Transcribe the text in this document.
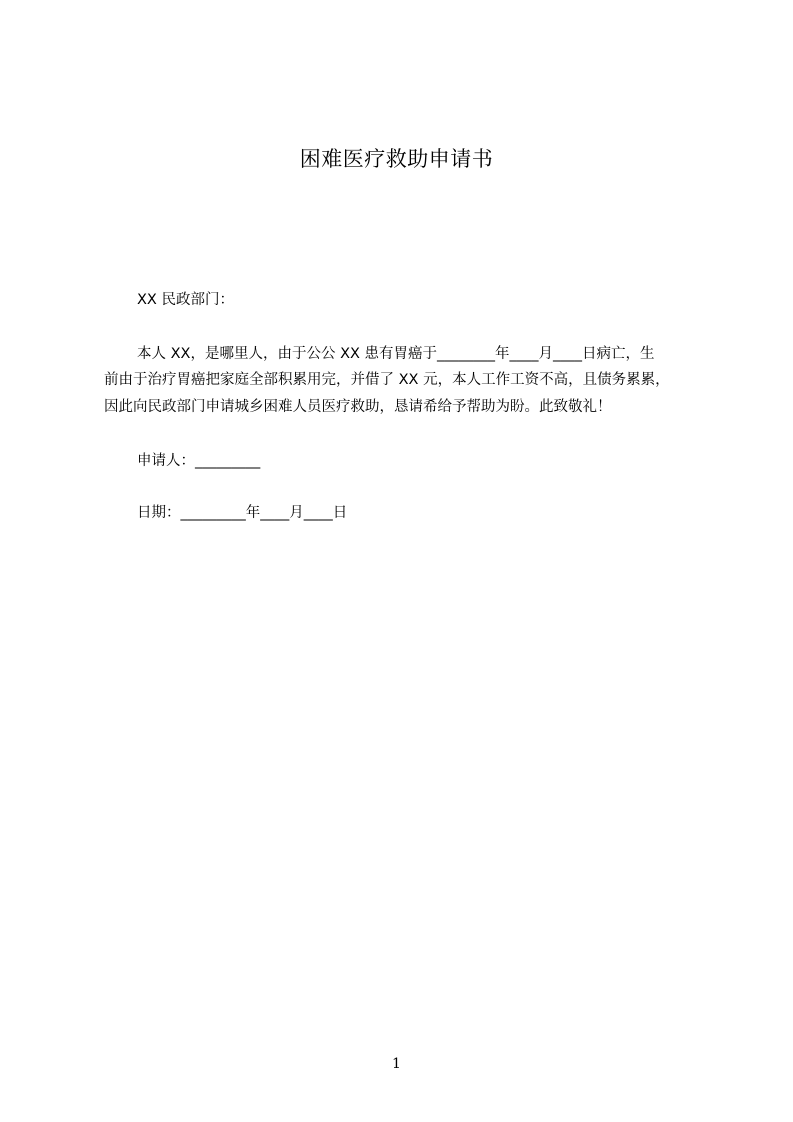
困难医疗救助申请书
XX 民政部门：
本人 XX，是哪里人，由于公公 XX 患有胃癌于________年____月____日病亡，生
前由于治疗胃癌把家庭全部积累用完，并借了 XX 元，本人工作工资不高，且债务累累，
因此向民政部门申请城乡困难人员医疗救助，恳请希给予帮助为盼。此致敬礼！
申请人：_________
日期：_________年____月____日
1
